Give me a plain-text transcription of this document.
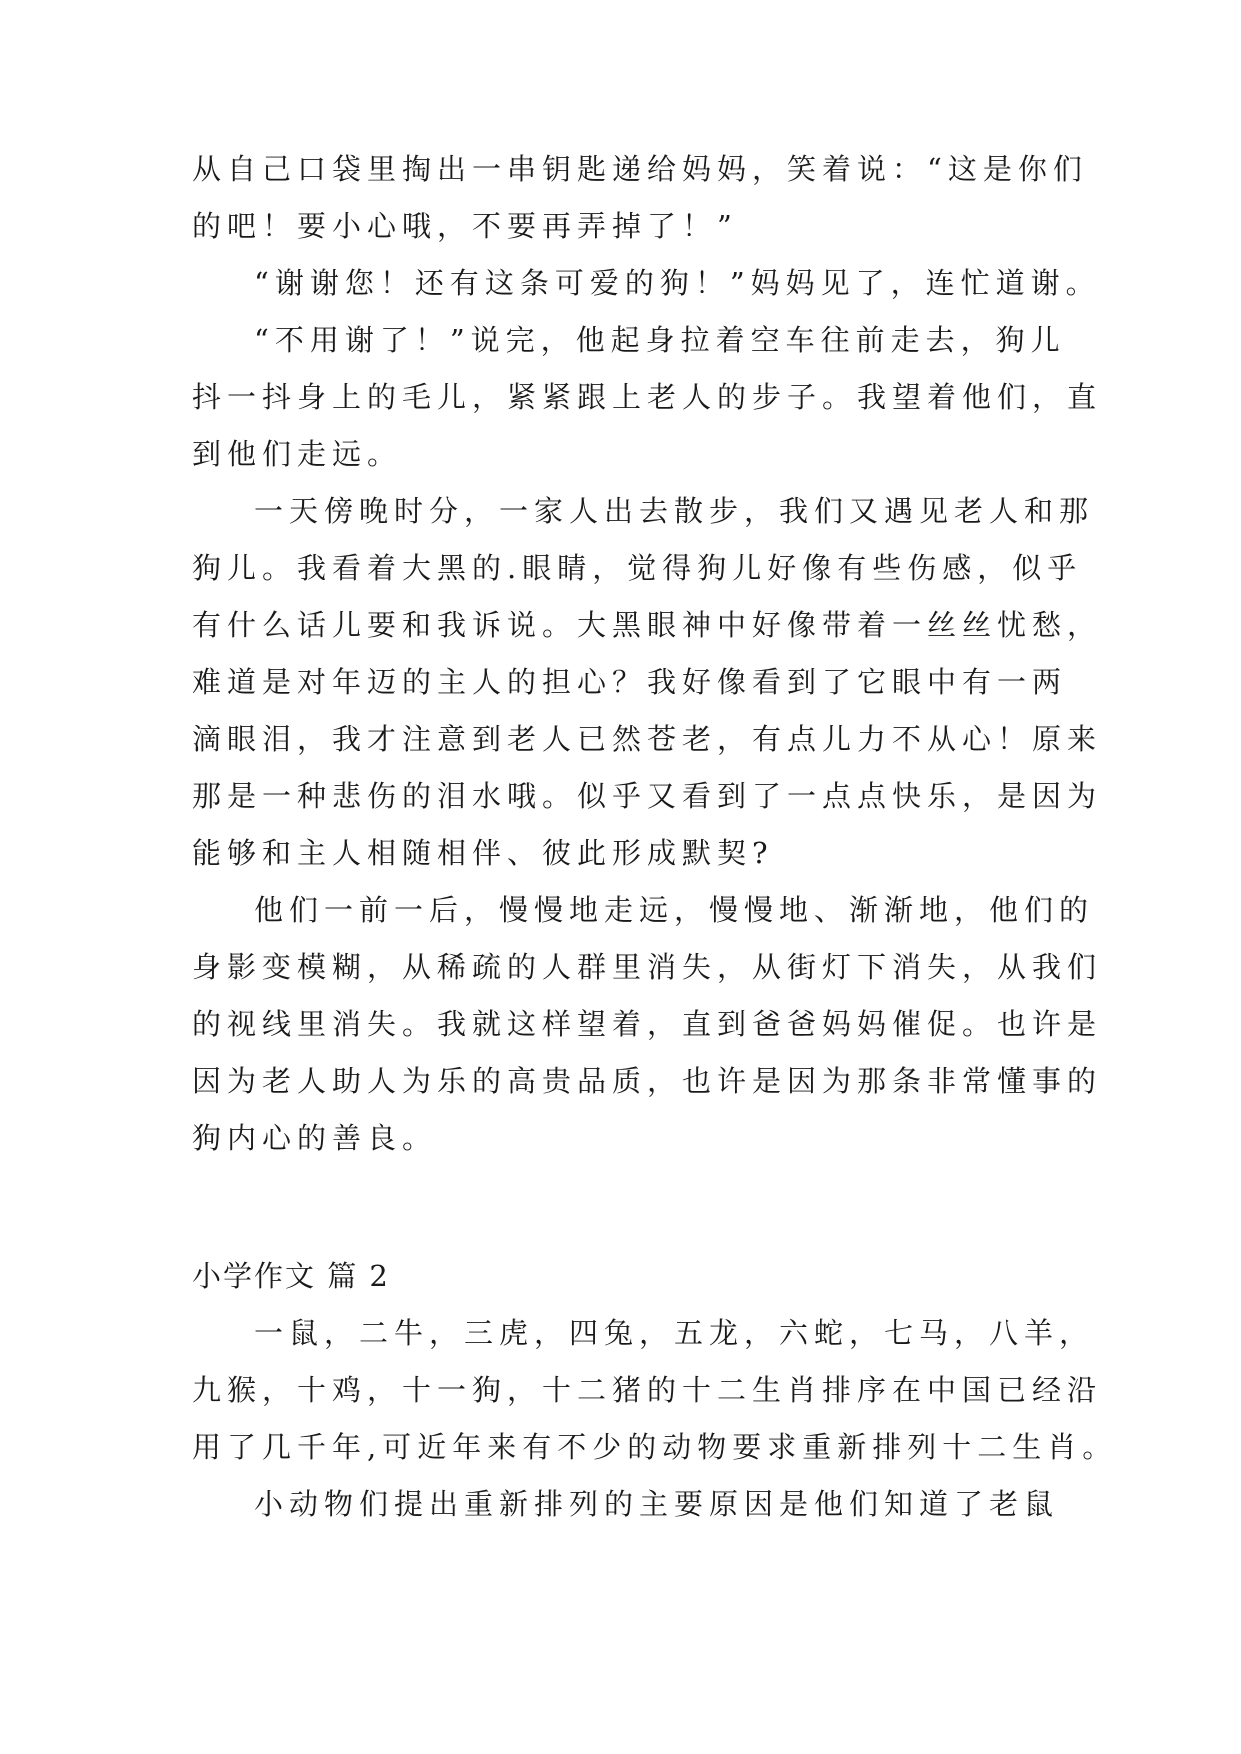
从自己口袋里掏出一串钥匙递给妈妈，笑着说：“这是你们
的吧！要小心哦，不要再弄掉了！”
“谢谢您！还有这条可爱的狗！”妈妈见了，连忙道谢。
“不用谢了！”说完，他起身拉着空车往前走去，狗儿
抖一抖身上的毛儿，紧紧跟上老人的步子。我望着他们，直
到他们走远。
一天傍晚时分，一家人出去散步，我们又遇见老人和那
狗儿。我看着大黑的.眼睛，觉得狗儿好像有些伤感，似乎
有什么话儿要和我诉说。大黑眼神中好像带着一丝丝忧愁，
难道是对年迈的主人的担心？我好像看到了它眼中有一两
滴眼泪，我才注意到老人已然苍老，有点儿力不从心！原来
那是一种悲伤的泪水哦。似乎又看到了一点点快乐，是因为
能够和主人相随相伴、彼此形成默契?
他们一前一后，慢慢地走远，慢慢地、渐渐地，他们的
身影变模糊，从稀疏的人群里消失，从街灯下消失，从我们
的视线里消失。我就这样望着，直到爸爸妈妈催促。也许是
因为老人助人为乐的高贵品质，也许是因为那条非常懂事的
狗内心的善良。
小学作文 篇 2
一鼠，二牛，三虎，四兔，五龙，六蛇，七马，八羊，
九猴，十鸡，十一狗，十二猪的十二生肖排序在中国已经沿
用了几千年,可近年来有不少的动物要求重新排列十二生肖。
小动物们提出重新排列的主要原因是他们知道了老鼠
